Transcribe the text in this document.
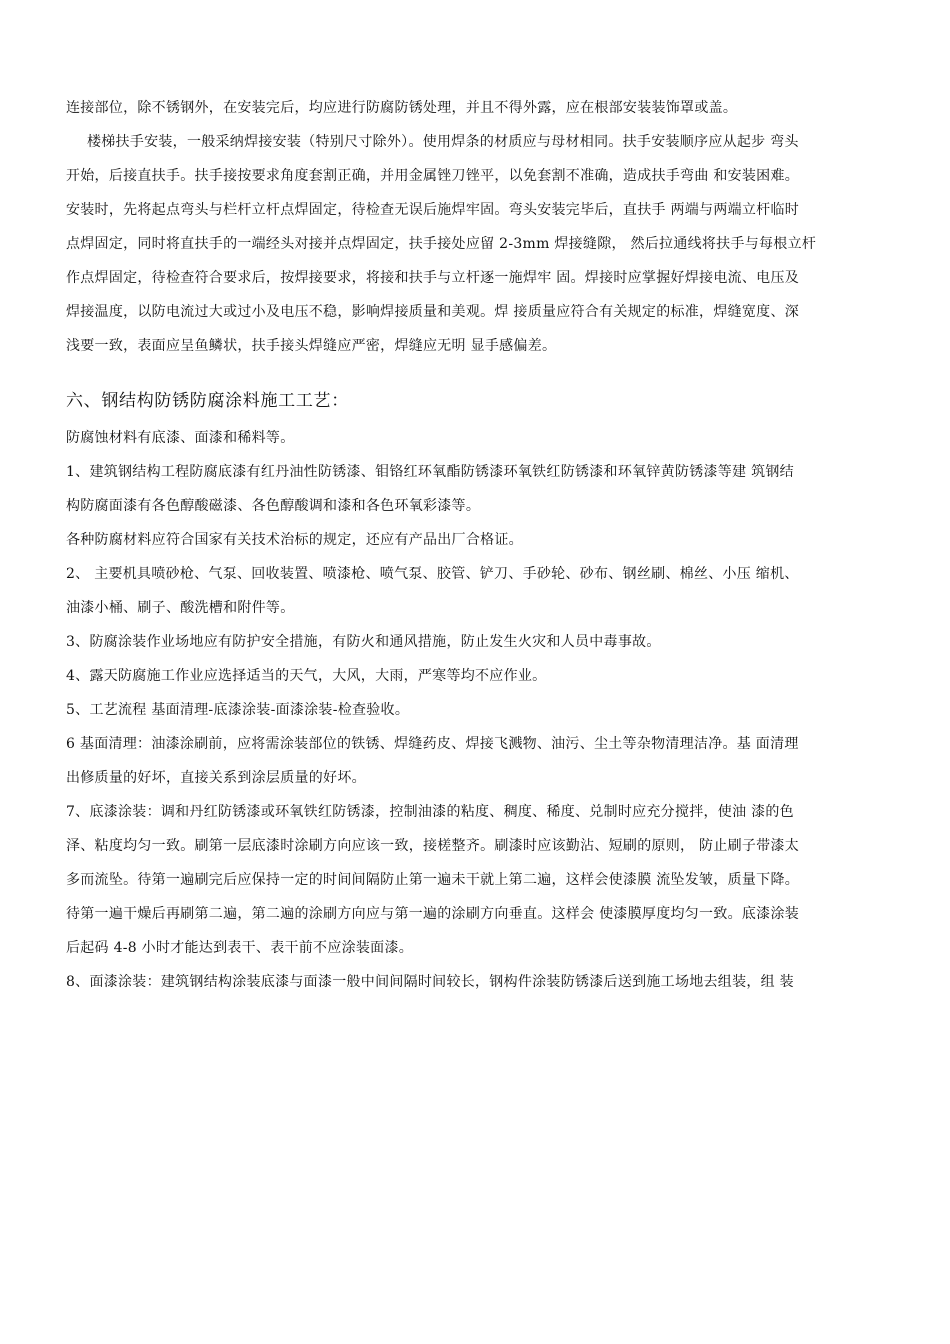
连接部位，除不锈钢外，在安装完后，均应进行防腐防锈处理，并且不得外露，应在根部安装装饰罩或盖。
楼梯扶手安装，一般采纳焊接安装（特别尺寸除外）。使用焊条的材质应与母材相同。扶手安装顺序应从起步 弯头
开始，后接直扶手。扶手接按要求角度套割正确，并用金属锉刀锉平，以免套割不准确，造成扶手弯曲 和安装困难。
安装时，先将起点弯头与栏杆立杆点焊固定，待检查无误后施焊牢固。弯头安装完毕后，直扶手 两端与两端立杆临时
点焊固定，同时将直扶手的一端经头对接并点焊固定，扶手接处应留 2-3mm 焊接缝隙， 然后拉通线将扶手与每根立杆
作点焊固定，待检查符合要求后，按焊接要求，将接和扶手与立杆逐一施焊牢 固。焊接时应掌握好焊接电流、电压及
焊接温度，以防电流过大或过小及电压不稳，影响焊接质量和美观。焊 接质量应符合有关规定的标准，焊缝宽度、深
浅要一致，表面应呈鱼鳞状，扶手接头焊缝应严密，焊缝应无明 显手感偏差。
六、钢结构防锈防腐涂料施工工艺：
防腐蚀材料有底漆、面漆和稀料等。
1、建筑钢结构工程防腐底漆有红丹油性防锈漆、钼铬红环氧酯防锈漆环氧铁红防锈漆和环氧锌黄防锈漆等建 筑钢结
构防腐面漆有各色醇酸磁漆、各色醇酸调和漆和各色环氧彩漆等。
各种防腐材料应符合国家有关技术治标的规定，还应有产品出厂合格证。
2、 主要机具喷砂枪、气泵、回收装置、喷漆枪、喷气泵、胶管、铲刀、手砂轮、砂布、钢丝刷、棉丝、小压 缩机、
油漆小桶、刷子、酸洗槽和附件等。
3、防腐涂装作业场地应有防护安全措施，有防火和通风措施，防止发生火灾和人员中毒事故。
4、露天防腐施工作业应选择适当的天气，大风，大雨，严寒等均不应作业。
5、工艺流程 基面清理-底漆涂装-面漆涂装-检查验收。
6 基面清理：油漆涂刷前，应将需涂装部位的铁锈、焊缝药皮、焊接飞溅物、油污、尘土等杂物清理洁净。基 面清理
出修质量的好坏，直接关系到涂层质量的好坏。
7、底漆涂装：调和丹红防锈漆或环氧铁红防锈漆，控制油漆的粘度、稠度、稀度、兑制时应充分搅拌，使油 漆的色
泽、粘度均匀一致。刷第一层底漆时涂刷方向应该一致，接槎整齐。刷漆时应该勤沾、短刷的原则， 防止刷子带漆太
多而流坠。待第一遍刷完后应保持一定的时间间隔防止第一遍未干就上第二遍，这样会使漆膜 流坠发皱，质量下降。
待第一遍干燥后再刷第二遍，第二遍的涂刷方向应与第一遍的涂刷方向垂直。这样会 使漆膜厚度均匀一致。底漆涂装
后起码 4-8 小时才能达到表干、表干前不应涂装面漆。
8、面漆涂装：建筑钢结构涂装底漆与面漆一般中间间隔时间较长，钢构件涂装防锈漆后送到施工场地去组装，组 装
